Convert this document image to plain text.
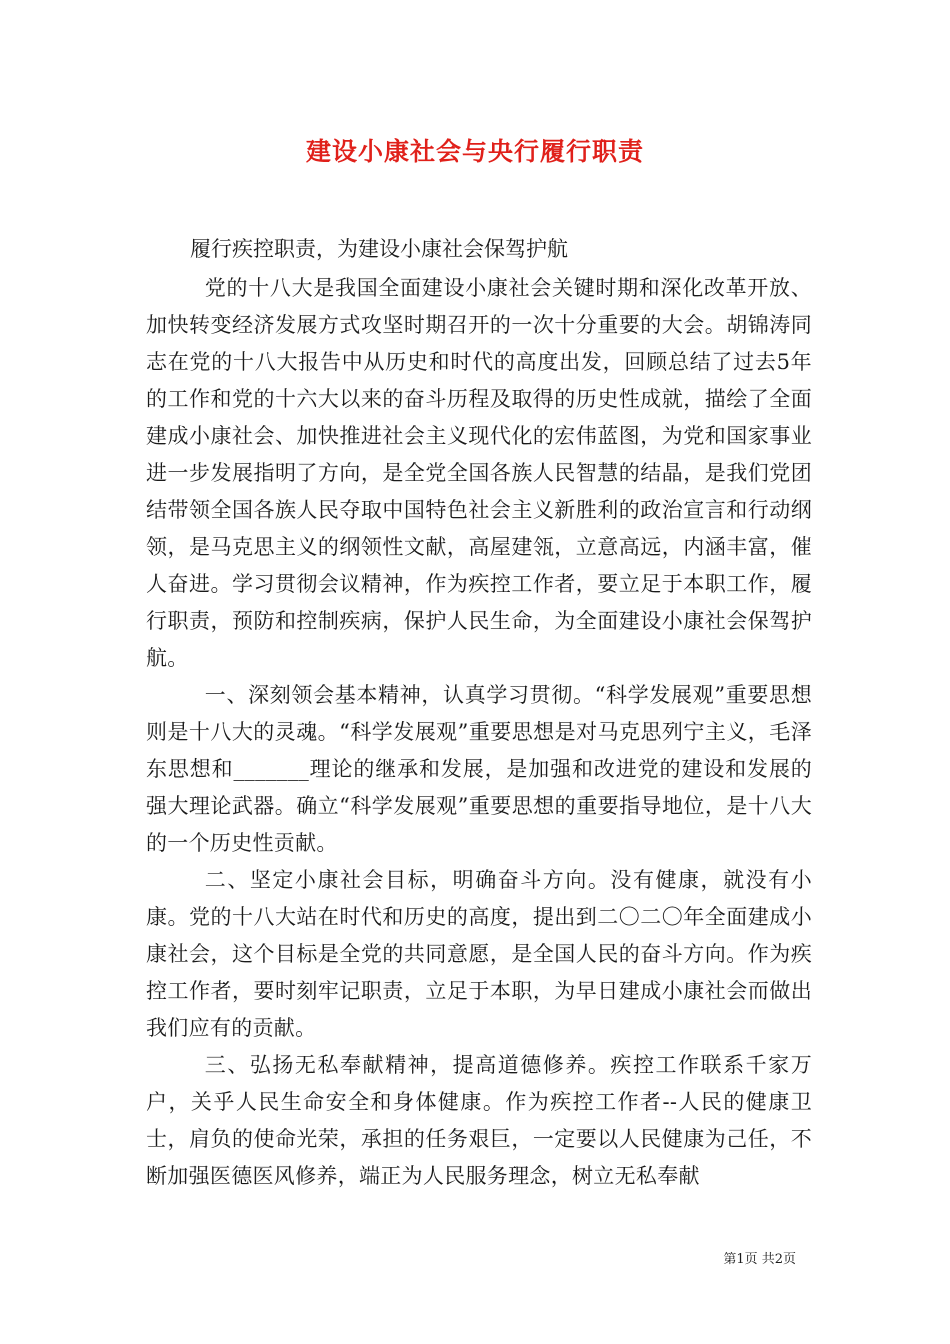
建设小康社会与央行履行职责

履行疾控职责，为建设小康社会保驾护航

党的十八大是我国全面建设小康社会关键时期和深化改革开放、加快转变经济发展方式攻坚时期召开的一次十分重要的大会。胡锦涛同志在党的十八大报告中从历史和时代的高度出发，回顾总结了过去5年的工作和党的十六大以来的奋斗历程及取得的历史性成就，描绘了全面建成小康社会、加快推进社会主义现代化的宏伟蓝图，为党和国家事业进一步发展指明了方向，是全党全国各族人民智慧的结晶，是我们党团结带领全国各族人民夺取中国特色社会主义新胜利的政治宣言和行动纲领，是马克思主义的纲领性文献，高屋建瓴，立意高远，内涵丰富，催人奋进。学习贯彻会议精神，作为疾控工作者，要立足于本职工作，履行职责，预防和控制疾病，保护人民生命，为全面建设小康社会保驾护航。

一、深刻领会基本精神，认真学习贯彻。“科学发展观”重要思想则是十八大的灵魂。“科学发展观”重要思想是对马克思列宁主义，毛泽东思想和_______理论的继承和发展，是加强和改进党的建设和发展的强大理论武器。确立“科学发展观”重要思想的重要指导地位，是十八大的一个历史性贡献。

二、坚定小康社会目标，明确奋斗方向。没有健康，就没有小康。党的十八大站在时代和历史的高度，提出到二〇二〇年全面建成小康社会，这个目标是全党的共同意愿，是全国人民的奋斗方向。作为疾控工作者，要时刻牢记职责，立足于本职，为早日建成小康社会而做出我们应有的贡献。

三、弘扬无私奉献精神，提高道德修养。疾控工作联系千家万户，关乎人民生命安全和身体健康。作为疾控工作者--人民的健康卫士，肩负的使命光荣，承担的任务艰巨，一定要以人民健康为己任，不断加强医德医风修养，端正为人民服务理念，树立无私奉献

第1页 共2页
